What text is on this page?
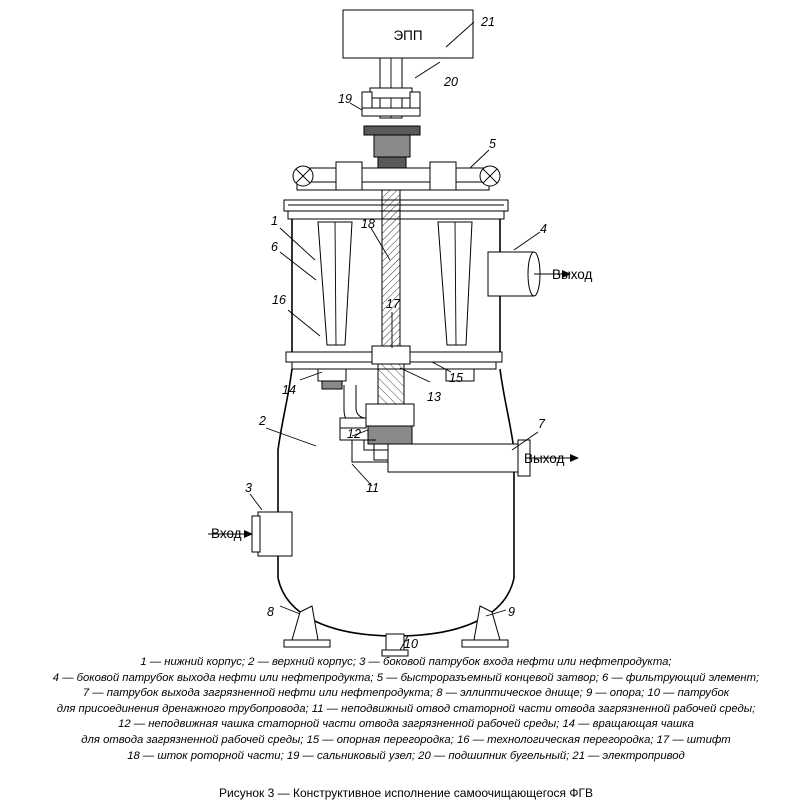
ЭПП
21
20
19
5
1
6
18	4
16	17
14
15
13
12
11
2	7
3
8	9
10
Выход
Выход
Вход
1 — нижний корпус; 2 — верхний корпус; 3 — боковой патрубок входа нефти или нефтепродукта;
4 — боковой патрубок выхода нефти или нефтепродукта; 5 — быстроразъемный концевой затвор; 6 — фильтрующий элемент;
7 — патрубок выхода загрязненной нефти или нефтепродукта; 8 — эллиптическое днище; 9 — опора; 10 — патрубок
для присоединения дренажного трубопровода; 11 — неподвижный отвод статорной части отвода загрязненной рабочей среды;
12 — неподвижная чашка статорной части отвода загрязненной рабочей среды; 14 — вращающая чашка
для отвода загрязненной рабочей среды; 15 — опорная перегородка; 16 — технологическая перегородка; 17 — штифт
18 — шток роторной части; 19 — сальниковый узел; 20 — подшипник бугельный; 21 — электропривод
Рисунок 3 — Конструктивное исполнение самоочищающегося ФГВ
